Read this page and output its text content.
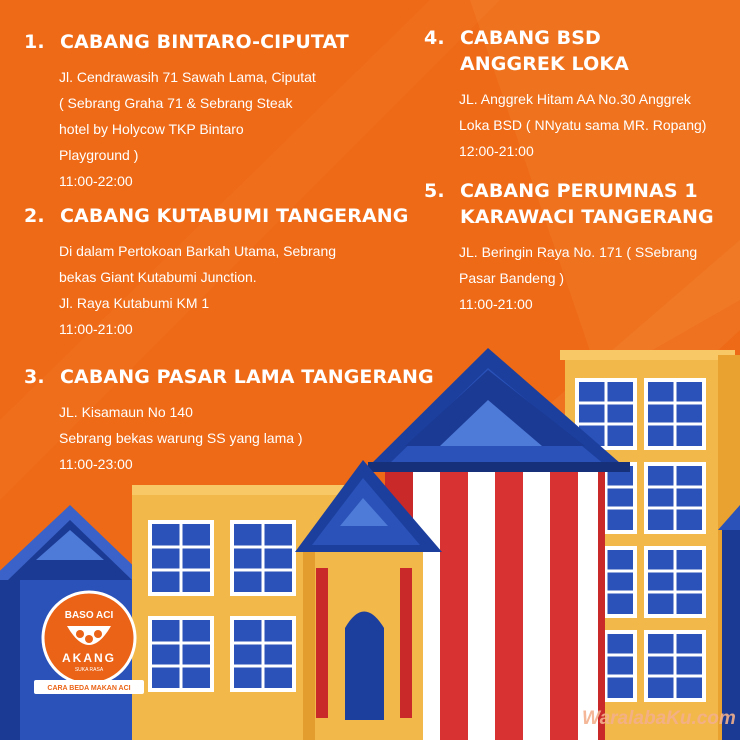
1. CABANG BINTARO-CIPUTAT
Jl. Cendrawasih 71 Sawah Lama, Ciputat
( Sebrang Graha 71 & Sebrang Steak
hotel by Holycow TKP Bintaro
Playground )
11:00-22:00
2. CABANG KUTABUMI TANGERANG
Di dalam Pertokoan Barkah Utama, Sebrang
bekas Giant Kutabumi Junction.
Jl. Raya Kutabumi KM 1
11:00-21:00
3. CABANG PASAR LAMA TANGERANG
JL. Kisamaun No 140
Sebrang bekas warung SS yang lama )
11:00-23:00
4. CABANG BSD
ANGGREK LOKA
JL. Anggrek Hitam AA No.30 Anggrek
Loka BSD ( NNyatu sama MR. Ropang)
12:00-21:00
5. CABANG PERUMNAS 1
KARAWACI TANGERANG
JL. Beringin Raya No. 171 ( SSebrang
Pasar Bandeng )
11:00-21:00
BASO ACI
AKANG
SUKA RASA
CARA BEDA MAKAN ACI
WaralabaKu.com
